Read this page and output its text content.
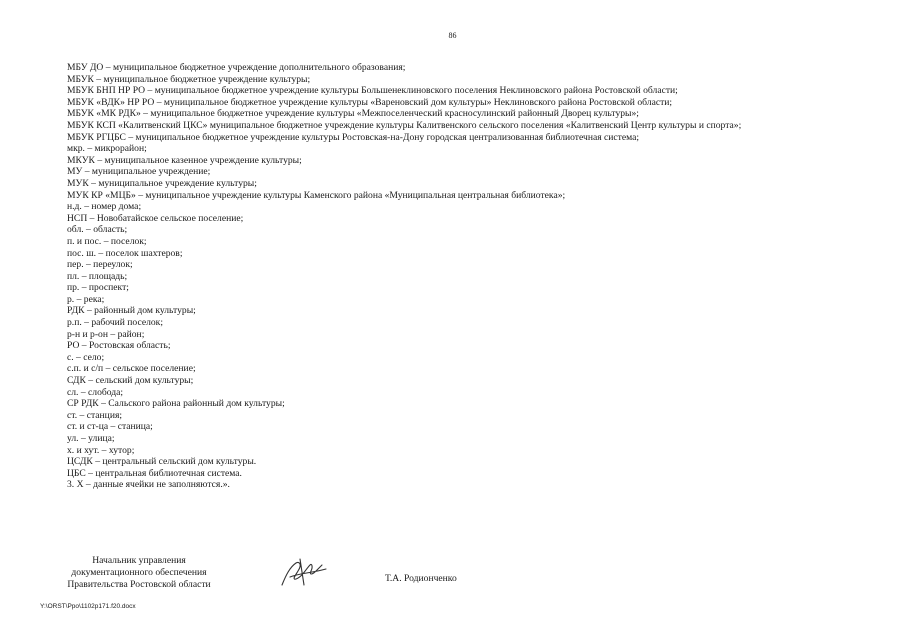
86
МБУ ДО – муниципальное бюджетное учреждение дополнительного образования;
МБУК – муниципальное бюджетное учреждение культуры;
МБУК БНП НР РО – муниципальное бюджетное учреждение культуры Большенеклиновского поселения Неклиновского района Ростовской области;
МБУК «ВДК» НР РО – муниципальное бюджетное учреждение культуры «Вареновский дом культуры» Неклиновского района Ростовской области;
МБУК «МК РДК» – муниципальное бюджетное учреждение культуры «Межпоселенческий красносулинский районный Дворец культуры»;
МБУК КСП «Калитвенский ЦКС» муниципальное бюджетное учреждение культуры Калитвенского сельского поселения «Калитвенский Центр культуры и спорта»;
МБУК РГЦБС – муниципальное бюджетное учреждение культуры Ростовская-на-Дону городская централизованная библиотечная система;
мкр. – микрорайон;
МКУК – муниципальное казенное учреждение культуры;
МУ – муниципальное учреждение;
МУК – муниципальное учреждение культуры;
МУК КР «МЦБ» – муниципальное учреждение культуры Каменского района «Муниципальная центральная библиотека»;
н.д. – номер дома;
НСП – Новобатайское сельское поселение;
обл. – область;
п. и пос. – поселок;
пос. ш. – поселок шахтеров;
пер. – переулок;
пл. – площадь;
пр. – проспект;
р. – река;
РДК – районный дом культуры;
р.п. – рабочий поселок;
р-н и р-он – район;
РО – Ростовская область;
с. – село;
с.п. и с/п – сельское поселение;
СДК – сельский дом культуры;
сл. – слобода;
СР РДК – Сальского района районный дом культуры;
ст. – станция;
ст. и ст-ца – станица;
ул. – улица;
х. и хут. – хутор;
ЦСДК – центральный сельский дом культуры.
ЦБС – центральная библиотечная система.
3. Х – данные ячейки не заполняются.».
Начальник управления
документационного обеспечения
Правительства Ростовской области
Т.А. Родионченко
Y:\ORST\Ppo\1102p171.f20.docx
